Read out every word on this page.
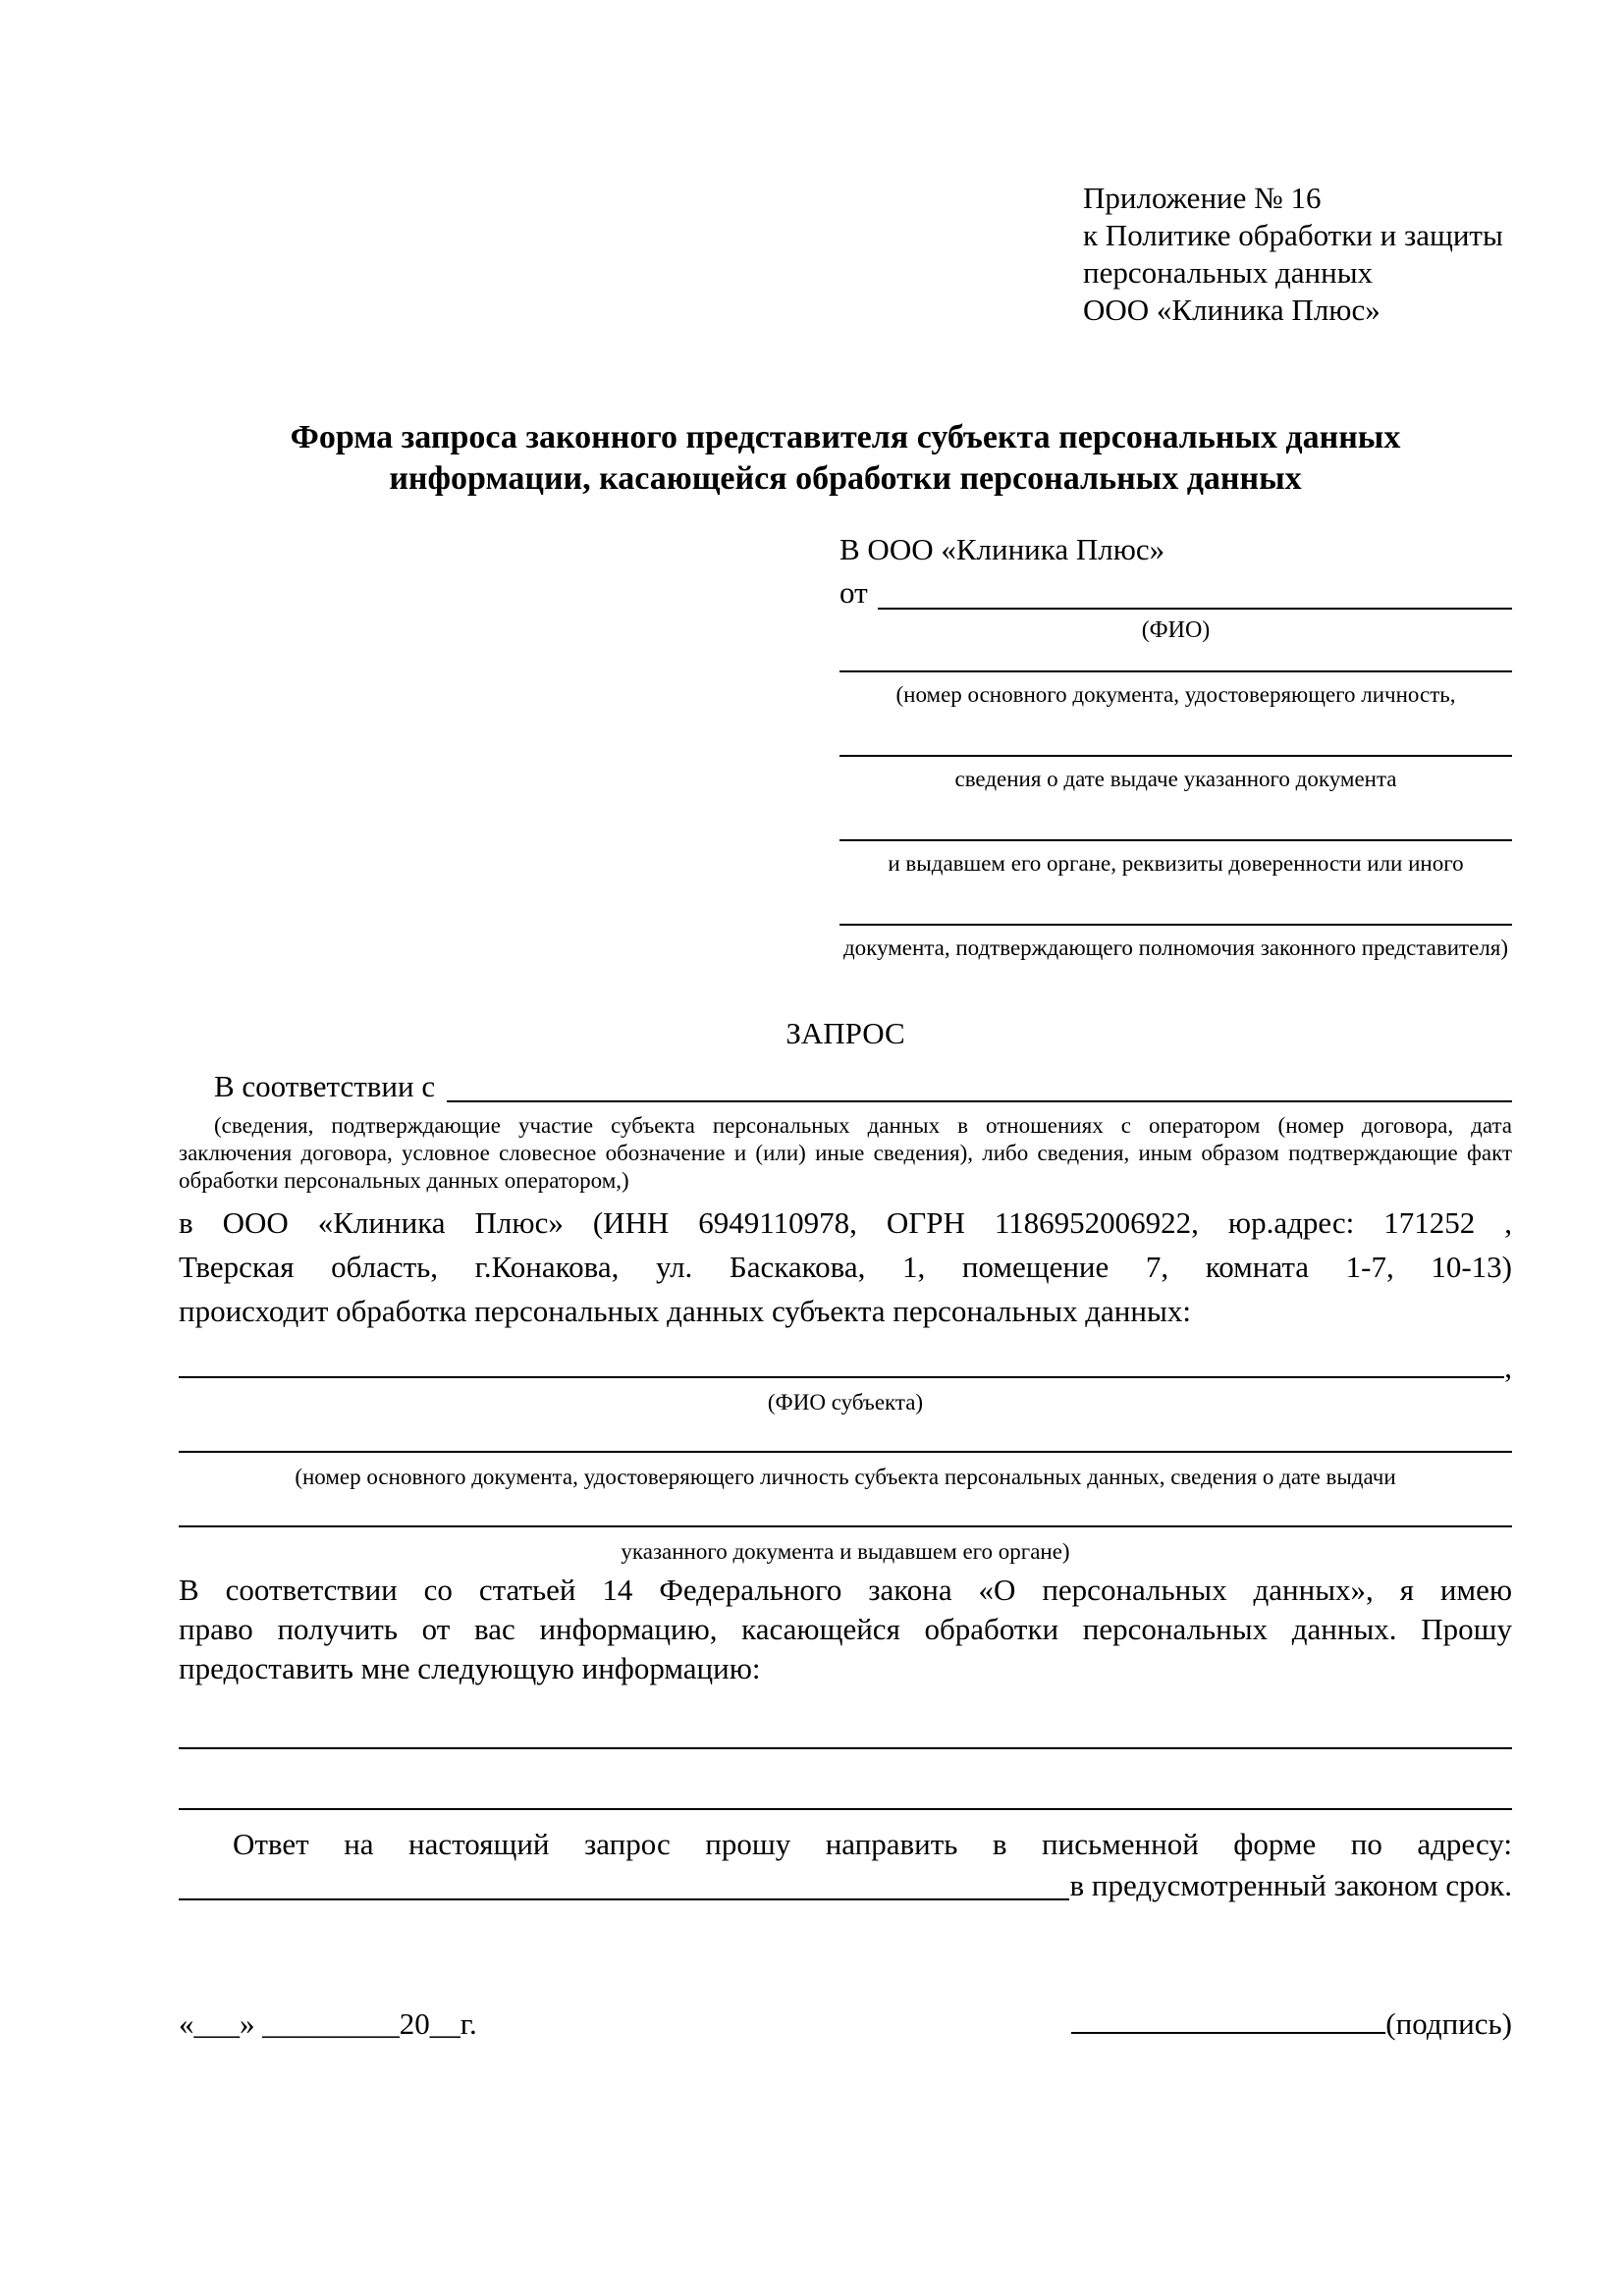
Приложение № 16
к Политике обработки и защиты
персональных данных
ООО «Клиника Плюс»
Форма запроса законного представителя субъекта персональных данных
информации, касающейся обработки персональных данных
В ООО «Клиника Плюс»
от
(ФИО)
(номер основного документа, удостоверяющего личность,
сведения о дате выдаче указанного документа
и выдавшем его органе, реквизиты доверенности или иного
документа, подтверждающего полномочия законного представителя)
ЗАПРОС
В соответствии с
(сведения, подтверждающие участие субъекта персональных данных в отношениях с оператором (номер договора, дата
заключения договора, условное словесное обозначение и (или) иные сведения), либо сведения, иным образом подтверждающие факт
обработки персональных данных оператором,)
в ООО «Клиника Плюс» (ИНН 6949110978, ОГРН 1186952006922, юр.адрес: 171252 ,
Тверская область, г.Конакова, ул. Баскакова, 1, помещение 7, комната 1-7, 10-13)
происходит обработка персональных данных субъекта персональных данных:
,
(ФИО субъекта)
(номер основного документа, удостоверяющего личность субъекта персональных данных, сведения о дате выдачи
указанного документа и выдавшем его органе)
В соответствии со статьей 14 Федерального закона «О персональных данных», я имею
право получить от вас информацию, касающейся обработки персональных данных. Прошу
предоставить мне следующую информацию:
Ответ на настоящий запрос прошу направить в письменной форме по адресу:
в предусмотренный законом срок.
«___» _________20__г.	(подпись)
